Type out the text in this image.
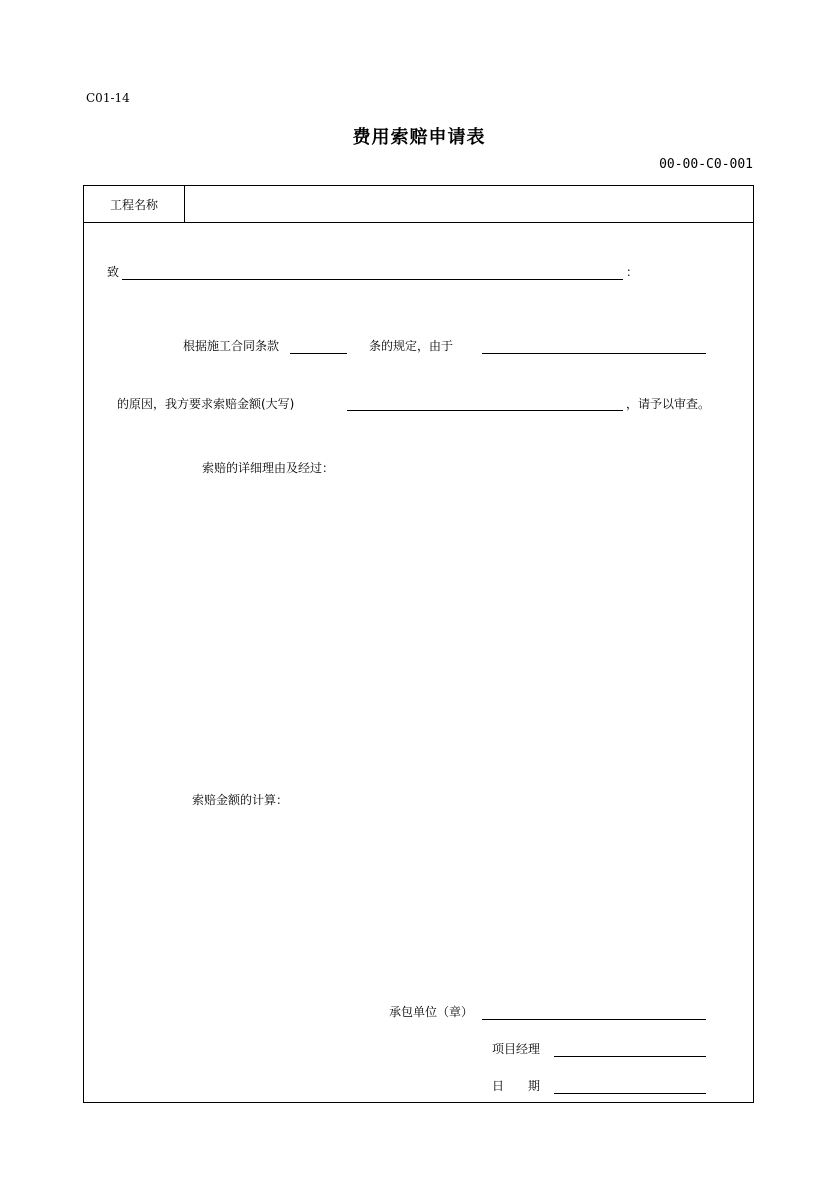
C01-14
费用索赔申请表
00-00-C0-001
工程名称
致	：
根据施工合同条款	条的规定，由于
的原因，我方要求索赔金额(大写)	，请予以审查。
索赔的详细理由及经过：
索赔金额的计算：
承包单位（章）
项目经理
日　　期
